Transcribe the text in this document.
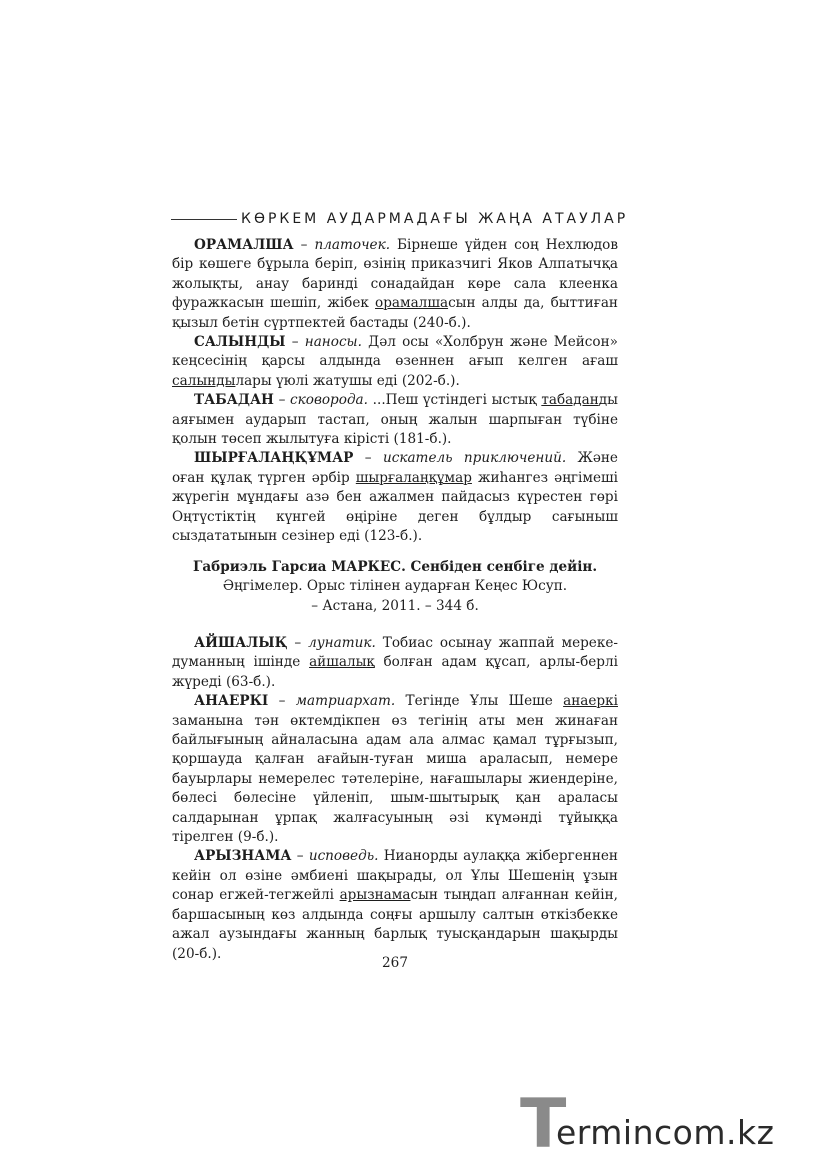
КӨРКЕМ АУДАРМАДАҒЫ ЖАҢА АТАУЛАР

ОРАМАЛША – платочек. Бірнеше үйден соң Нехлюдов бір көшеге бұрыла беріп, өзінің приказчигі Яков Алпатычқа жолықты, анау баринді сонадайдан көре сала клеенка фуражкасын шешіп, жібек орамалшасын алды да, быттиған қызыл бетін сүртпектей бастады (240-б.).

САЛЫНДЫ – наносы. Дәл осы «Холбрун және Мейсон» кеңсесінің қарсы алдында өзеннен ағып келген ағаш салындылары үюлі жатушы еді (202-б.).

ТАБАДАН – сковорода. ...Пеш үстіндегі ыстық табаданды аяғымен аударып тастап, оның жалын шарпыған түбіне қолын төсеп жылытуға кірісті (181-б.).

ШЫРҒАЛАҢҚҰМАР – искатель приключений. Және оған құлақ түрген әрбір шырғалаңқұмар жиһангез әңгімеші жүрегін мұндағы азә бен ажалмен пайдасыз күрестен гөрі Оңтүстіктің күнгей өңіріне деген бұлдыр сағыныш сыздататынын сезінер еді (123-б.).

Габриэль Гарсиа МАРКЕС. Сенбіден сенбіге дейін.
Әңгімелер. Орыс тілінен аударған Кеңес Юсуп.
– Астана, 2011. – 344 б.

АЙШАЛЫҚ – лунатик. Тобиас осынау жаппай мереке-думанның ішінде айшалық болған адам құсап, арлы-берлі жүреді (63-б.).

АНАЕРКІ – матриархат. Тегінде Ұлы Шеше анаеркі заманына тән өктемдікпен өз тегінің аты мен жинаған байлығының айналасына адам ала алмас қамал тұрғызып, қоршауда қалған ағайын-туған миша араласып, немере бауырлары немерелес тәтелеріне, нағашылары жиендеріне, бөлесі бөлесіне үйленіп, шым-шытырық қан араласы салдарынан ұрпақ жалғасуының әзі күмәнді тұйыққа тірелген (9-б.).

АРЫЗНАМА – исповедь. Нианорды аулаққа жібергеннен кейін ол өзіне әмбиені шақырады, ол Ұлы Шешенің ұзын сонар егжей-тегжейлі арызнамасын тыңдап алғаннан кейін, баршасының көз алдында соңғы аршылу салтын өткізбекке ажал аузындағы жанның барлық туысқандарын шақырды (20-б.).

267
T
ermincom.kz
